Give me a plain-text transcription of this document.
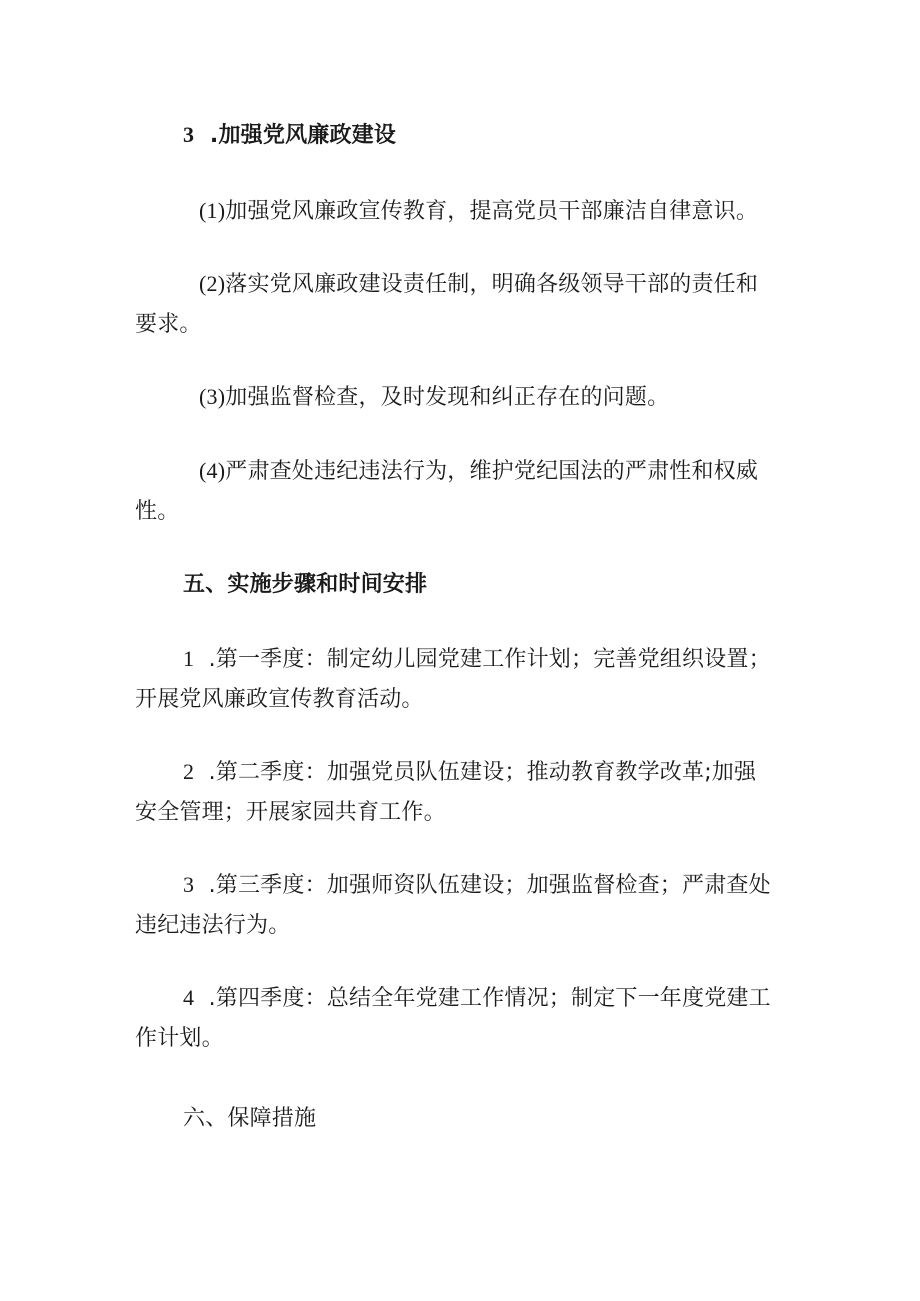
3 .加强党风廉政建设
(1)加强党风廉政宣传教育，提高党员干部廉洁自律意识。
(2)落实党风廉政建设责任制，明确各级领导干部的责任和
要求。
(3)加强监督检查，及时发现和纠正存在的问题。
(4)严肃查处违纪违法行为，维护党纪国法的严肃性和权威
性。
五、实施步骤和时间安排
1 .第一季度：制定幼儿园党建工作计划；完善党组织设置；
开展党风廉政宣传教育活动。
2 .第二季度：加强党员队伍建设；推动教育教学改革;加强
安全管理；开展家园共育工作。
3 .第三季度：加强师资队伍建设；加强监督检查；严肃查处
违纪违法行为。
4 .第四季度：总结全年党建工作情况；制定下一年度党建工
作计划。
六、保障措施
